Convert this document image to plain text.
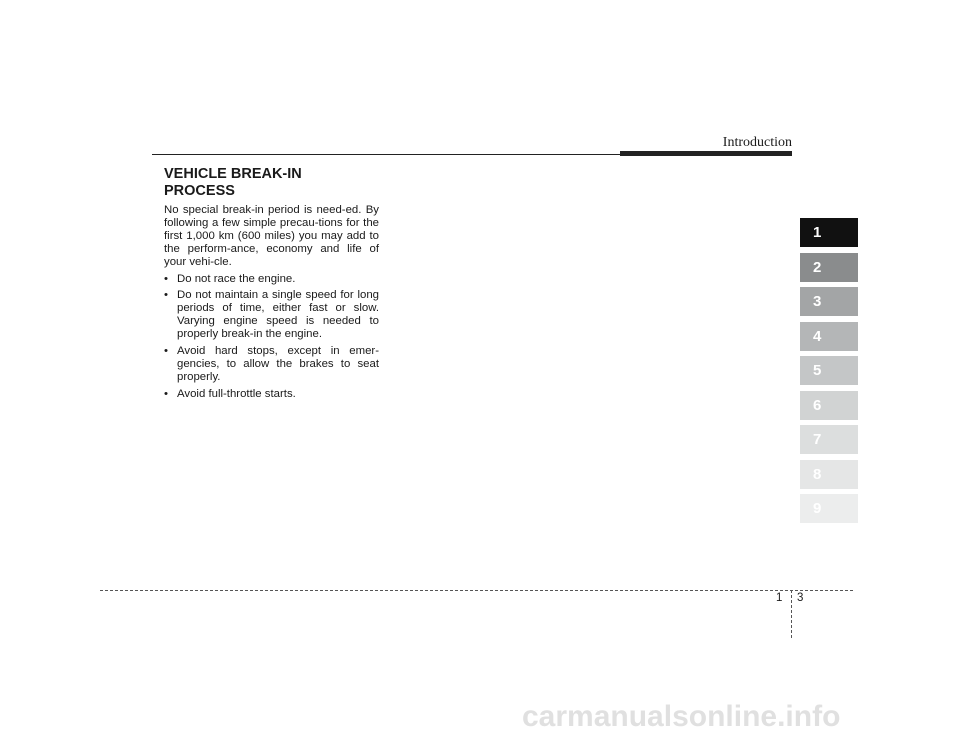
Introduction
VEHICLE BREAK-IN PROCESS

No special break-in period is need-ed. By following a few simple precau-tions for the first 1,000 km (600 miles) you may add to the perform-ance, economy and life of your vehi-cle.

• Do not race the engine.
• Do not maintain a single speed for long periods of time, either fast or slow. Varying engine speed is needed to properly break-in the engine.
• Avoid hard stops, except in emer-gencies, to allow the brakes to seat properly.
• Avoid full-throttle starts.
1
2
3
4
5
6
7
8
9
1 3
carmanualsonline.info
